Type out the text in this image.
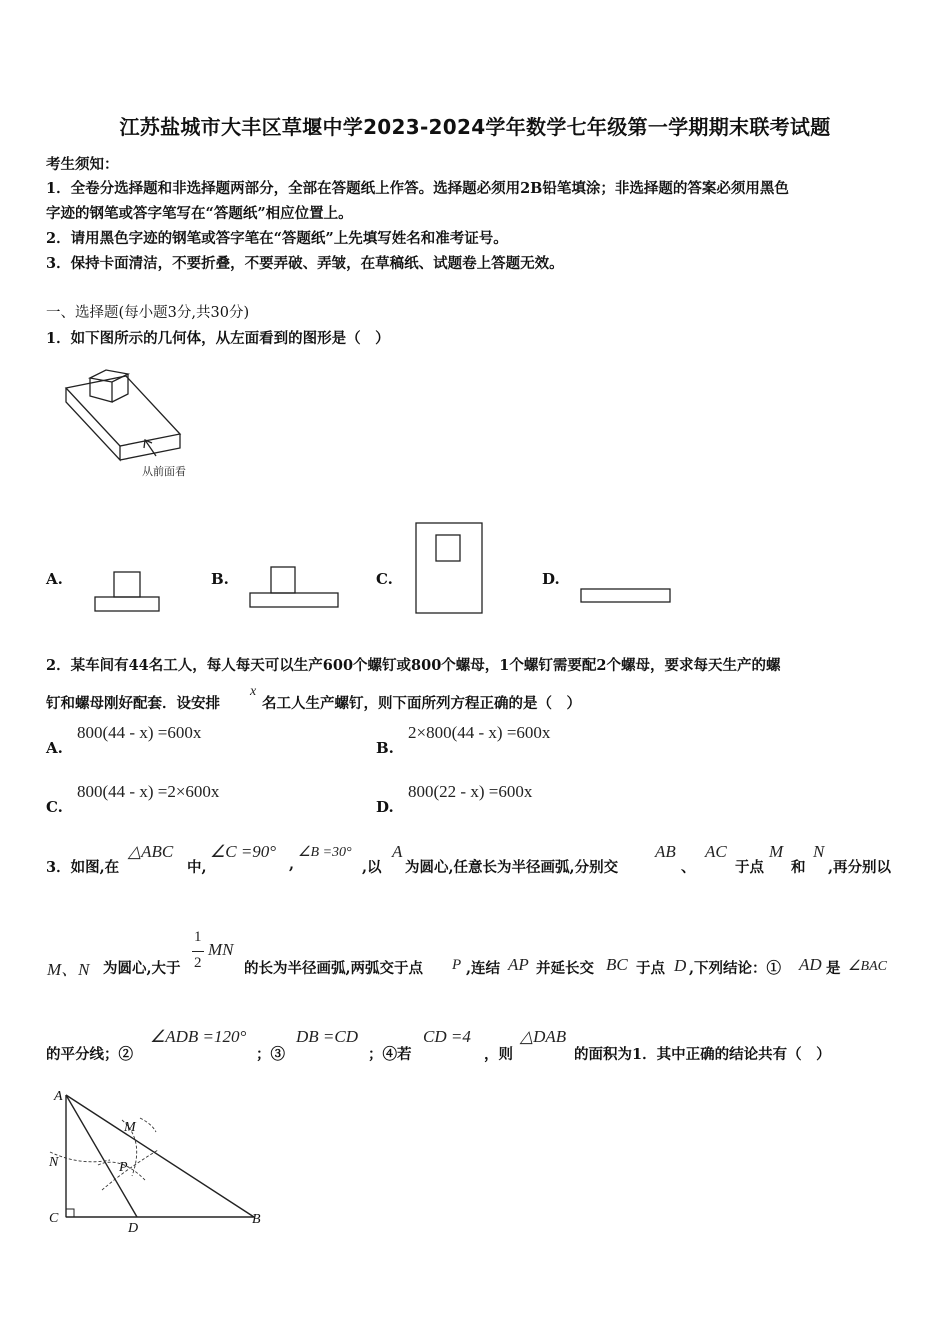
江苏盐城市大丰区草堰中学2023-2024学年数学七年级第一学期期末联考试题
考生须知：
1．全卷分选择题和非选择题两部分，全部在答题纸上作答。选择题必须用2B铅笔填涂；非选择题的答案必须用黑色
字迹的钢笔或答字笔写在“答题纸”相应位置上。
2．请用黑色字迹的钢笔或答字笔在“答题纸”上先填写姓名和准考证号。
3．保持卡面清洁，不要折叠，不要弄破、弄皱，在草稿纸、试题卷上答题无效。
一、选择题(每小题3分,共30分)
1．如下图所示的几何体，从左面看到的图形是（　）
从前面看
A.	B.	C.	D.
2．某车间有44名工人，每人每天可以生产600个螺钉或800个螺母，1个螺钉需要配2个螺母，要求每天生产的螺
钉和螺母刚好配套．设安排
x
名工人生产螺钉，则下面所列方程正确的是（　）
A.
800(44 - x) =600x
B.
2×800(44 - x) =600x
C.
800(44 - x) =2×600x
D.
800(22 - x) =600x
3．如图,在
△ABC
中,
∠C =90°
,
∠B =30°
,以
A
为圆心,任意长为半径画弧,分别交
AB
、
AC
于点
M
和
N
,再分别以
M、N 为圆心,大于
1
2
MN
的长为半径画弧,两弧交于点 P ,连结 AP 并延长交 BC 于点 D ,下列结论：① AD 是 ∠BAC
的平分线；②
∠ADB =120°
；③
DB =CD
；④若
CD =4
，则
△DAB
的面积为1．其中正确的结论共有（　）
A
M
N	P
C
D
B
